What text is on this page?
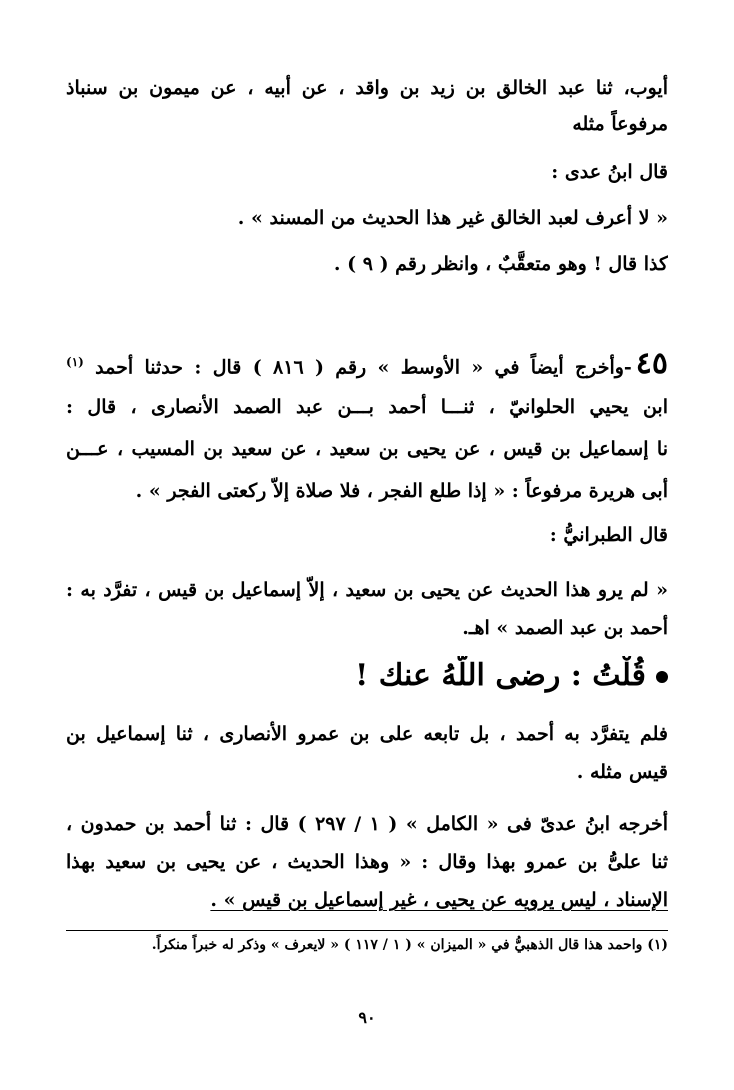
أيوب، ثنا عبد الخالق بن زيد بن واقد ، عن أبيه ، عن ميمون بن سنباذ
مرفوعاً مثله
قال ابنُ عدى :
« لا أعرف لعبد الخالق غير هذا الحديث من المسند » .
كذا قال ! وهو متعقَّبٌ ، وانظر رقم ( ٩ ) .
٤٥-وأخرج أيضاً في « الأوسط » رقم ( ٨١٦ ) قال : حدثنا أحمد $^{(١)}$
ابن يحيي الحلوانيّ ، ثنـــا أحمد بـــن عبد الصمد الأنصارى ، قال :
نا إسماعيل بن قيس ، عن يحيى بن سعيد ، عن سعيد بن المسيب ، عـــن
أبى هريرة مرفوعاً : « إذا طلع الفجر ، فلا صلاة إلاّ ركعتى الفجر » .
قال الطبرانيُّ :
« لم يرو هذا الحديث عن يحيى بن سعيد ، إلاّ إسماعيل بن قيس ، تفرَّد به :
أحمد بن عبد الصمد » اهـ.
قُلْتُ : رضى اللَّهُ عنك !
فلم يتفرَّد به أحمد ، بل تابعه على بن عمرو الأنصارى ، ثنا إسماعيل بن
قيس مثله .
أخرجه ابنُ عدىّ فى « الكامل » ( ١ / ٢٩٧ ) قال : ثنا أحمد بن حمدون ،
ثنا علىُّ بن عمرو بهذا وقال : « وهذا الحديث ، عن يحيى بن سعيد بهذا
الإسناد ، ليس يرويه عن يحيى ، غير إسماعيل بن قيس » .
(١) واحمد هذا قال الذهبيُّ في « الميزان » ( ١ / ١١٧ ) « لايعرف » وذكر له خبراً منكراً.
٩٠
